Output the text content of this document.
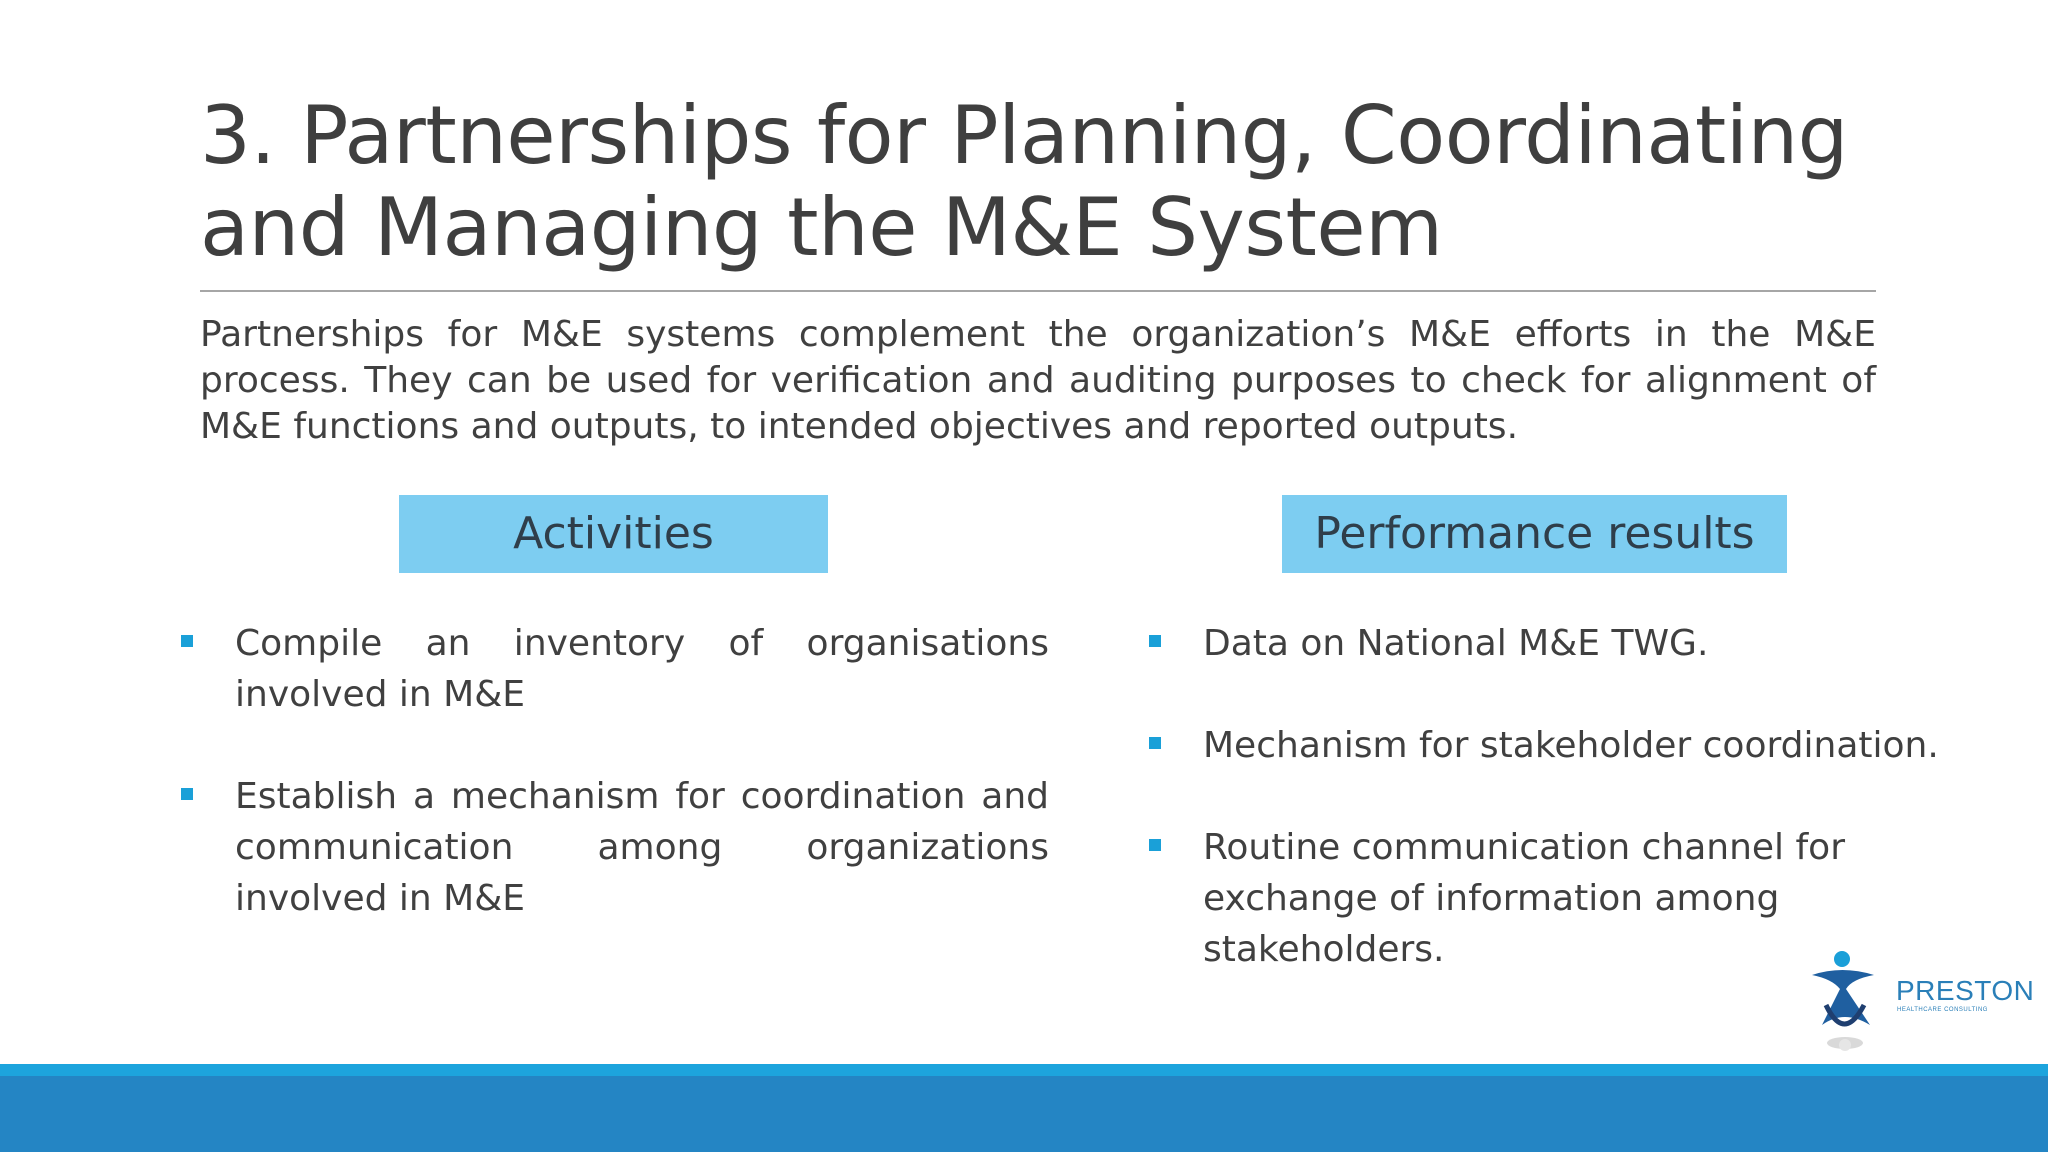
3. Partnerships for Planning, Coordinating and Managing the M&E System

Partnerships for M&E systems complement the organization’s M&E efforts in the M&E process. They can be used for verification and auditing purposes to check for alignment of M&E functions and outputs, to intended objectives and reported outputs.

Activities	Performance results
Compile an inventory of organisations involved in M&E
Establish a mechanism for coordination and communication among organizations involved in M&E
Data on National M&E TWG.
Mechanism for stakeholder coordination.
Routine communication channel for exchange of information among stakeholders.
PRESTON
HEALTHCARE CONSULTING
